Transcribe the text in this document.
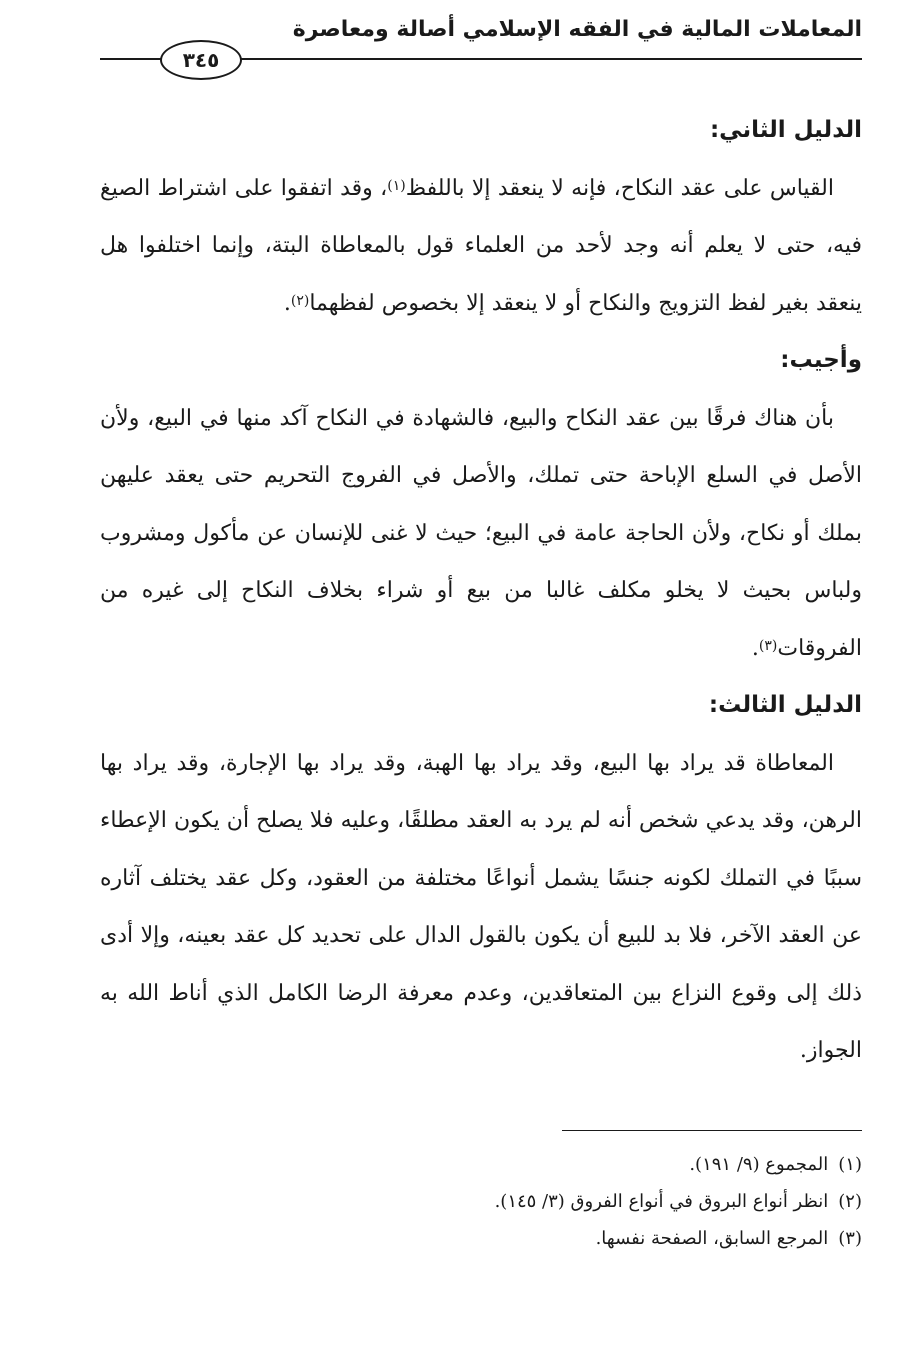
المعاملات المالية في الفقه الإسلامي أصالة ومعاصرة
٣٤٥

الدليل الثاني:

القياس على عقد النكاح، فإنه لا ينعقد إلا باللفظ$^{(١)}$، وقد اتفقوا على اشتراط الصيغ فيه، حتى لا يعلم أنه وجد لأحد من العلماء قول بالمعاطاة البتة، وإنما اختلفوا هل ينعقد بغير لفظ التزويج والنكاح أو لا ينعقد إلا بخصوص لفظهما$^{(٢)}$.

وأجيب:

بأن هناك فرقًا بين عقد النكاح والبيع، فالشهادة في النكاح آكد منها في البيع، ولأن الأصل في السلع الإباحة حتى تملك، والأصل في الفروج التحريم حتى يعقد عليهن بملك أو نكاح، ولأن الحاجة عامة في البيع؛ حيث لا غنى للإنسان عن مأكول ومشروب ولباس بحيث لا يخلو مكلف غالبا من بيع أو شراء بخلاف النكاح إلى غيره من الفروقات$^{(٣)}$.

الدليل الثالث:

المعاطاة قد يراد بها البيع، وقد يراد بها الهبة، وقد يراد بها الإجارة، وقد يراد بها الرهن، وقد يدعي شخص أنه لم يرد به العقد مطلقًا، وعليه فلا يصلح أن يكون الإعطاء سببًا في التملك لكونه جنسًا يشمل أنواعًا مختلفة من العقود، وكل عقد يختلف آثاره عن العقد الآخر، فلا بد للبيع أن يكون بالقول الدال على تحديد كل عقد بعينه، وإلا أدى ذلك إلى وقوع النزاع بين المتعاقدين، وعدم معرفة الرضا الكامل الذي أناط الله به الجواز.

(١)المجموع (٩/ ١٩١).

(٢)انظر أنواع البروق في أنواع الفروق (٣/ ١٤٥).

(٣)المرجع السابق، الصفحة نفسها.
